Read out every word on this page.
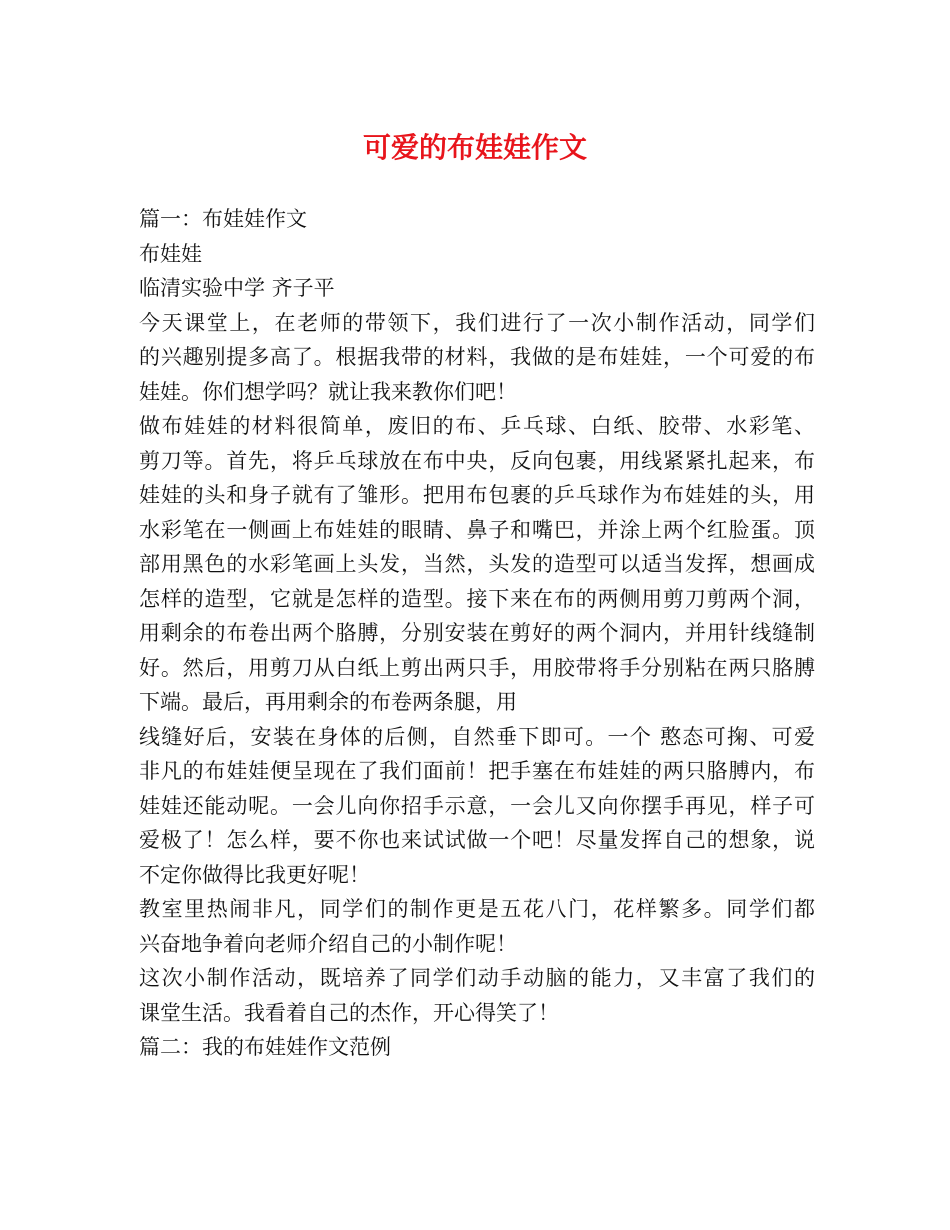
可爱的布娃娃作文
篇一：布娃娃作文
布娃娃
临清实验中学 齐子平
今天课堂上，在老师的带领下，我们进行了一次小制作活动，同学们
的兴趣别提多高了。根据我带的材料，我做的是布娃娃，一个可爱的布
娃娃。你们想学吗？就让我来教你们吧！
做布娃娃的材料很简单，废旧的布、乒乓球、白纸、胶带、水彩笔、
剪刀等。首先，将乒乓球放在布中央，反向包裹，用线紧紧扎起来，布
娃娃的头和身子就有了雏形。把用布包裹的乒乓球作为布娃娃的头，用
水彩笔在一侧画上布娃娃的眼睛、鼻子和嘴巴，并涂上两个红脸蛋。顶
部用黑色的水彩笔画上头发，当然，头发的造型可以适当发挥，想画成
怎样的造型，它就是怎样的造型。接下来在布的两侧用剪刀剪两个洞，
用剩余的布卷出两个胳膊，分别安装在剪好的两个洞内，并用针线缝制
好。然后，用剪刀从白纸上剪出两只手，用胶带将手分别粘在两只胳膊
下端。最后，再用剩余的布卷两条腿，用
线缝好后，安装在身体的后侧，自然垂下即可。一个 憨态可掬、可爱
非凡的布娃娃便呈现在了我们面前！把手塞在布娃娃的两只胳膊内，布
娃娃还能动呢。一会儿向你招手示意，一会儿又向你摆手再见，样子可
爱极了！怎么样，要不你也来试试做一个吧！尽量发挥自己的想象，说
不定你做得比我更好呢！
教室里热闹非凡，同学们的制作更是五花八门，花样繁多。同学们都
兴奋地争着向老师介绍自己的小制作呢！
这次小制作活动，既培养了同学们动手动脑的能力，又丰富了我们的
课堂生活。我看着自己的杰作，开心得笑了！
篇二：我的布娃娃作文范例
